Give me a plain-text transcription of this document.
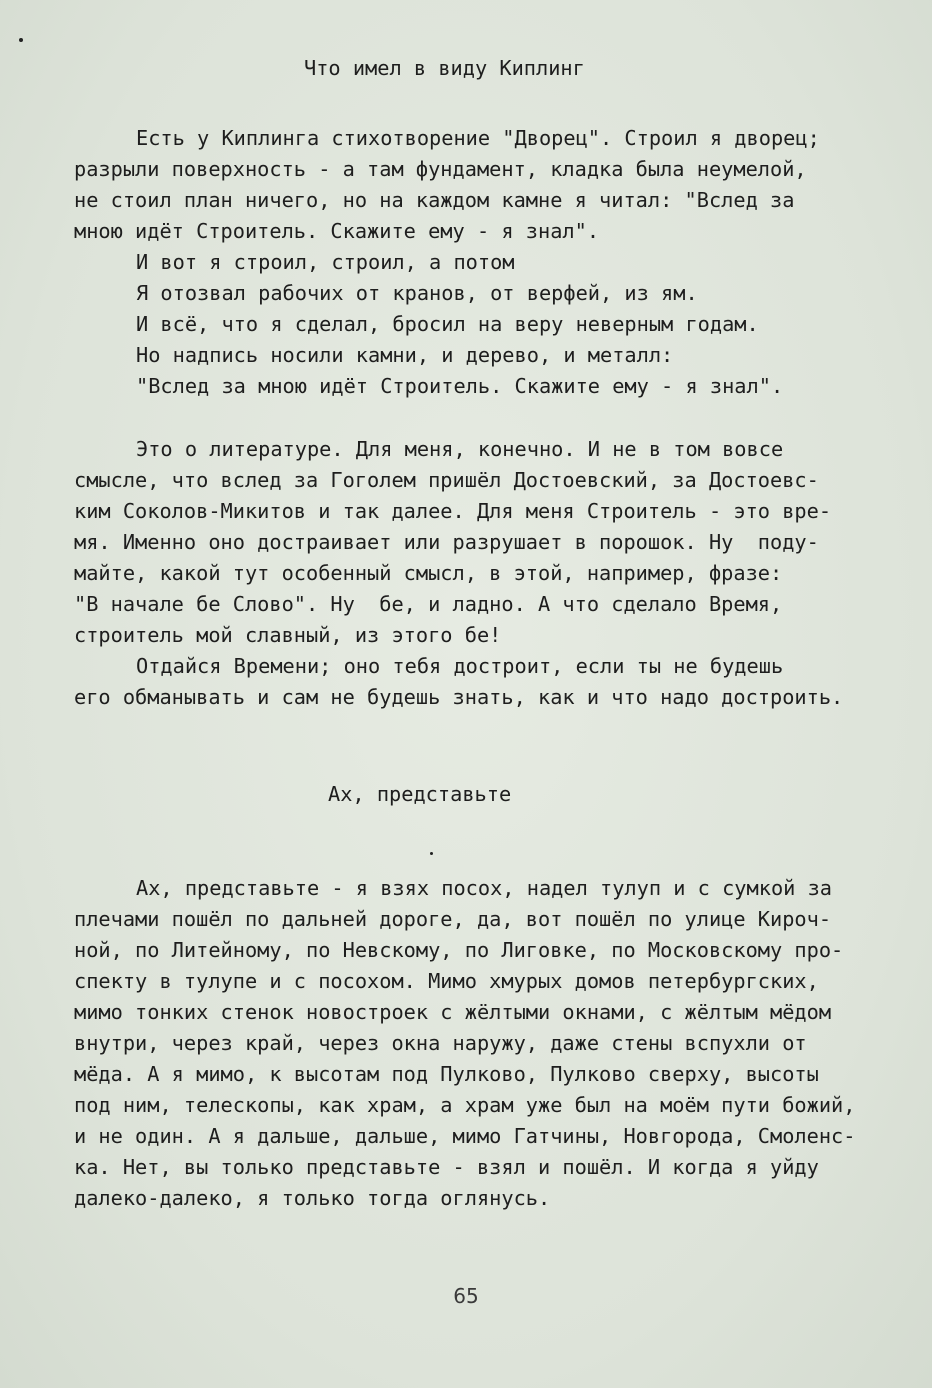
Что имел в виду Киплинг
Есть у Киплинга стихотворение "Дворец". Строил я дворец;
разрыли поверхность - а там фундамент, кладка была неумелой,
не стоил план ничего, но на каждом камне я читал: "Вслед за
мною идёт Строитель. Скажите ему - я знал".
И вот я строил, строил, а потом
Я отозвал рабочих от кранов, от верфей, из ям.
И всё, что я сделал, бросил на веру неверным годам.
Но надпись носили камни, и дерево, и металл:
"Вслед за мною идёт Строитель. Скажите ему - я знал".
Это о литературе. Для меня, конечно. И не в том вовсе
смысле, что вслед за Гоголем пришёл Достоевский, за Достоевс-
ким Соколов-Микитов и так далее. Для меня Строитель - это вре-
мя. Именно оно достраивает или разрушает в порошок. Ну  поду-
майте, какой тут особенный смысл, в этой, например, фразе:
"В начале бе Слово". Ну  бе, и ладно. А что сделало Время,
строитель мой славный, из этого бе!
Отдайся Времени; оно тебя достроит, если ты не будешь
его обманывать и сам не будешь знать, как и что надо достроить.
Ах, представьте
Ах, представьте - я взях посох, надел тулуп и с сумкой за
плечами пошёл по дальней дороге, да, вот пошёл по улице Кироч-
ной, по Литейному, по Невскому, по Лиговке, по Московскому про-
спекту в тулупе и с посохом. Мимо хмурых домов петербургских,
мимо тонких стенок новостроек с жёлтыми окнами, с жёлтым мёдом
внутри, через край, через окна наружу, даже стены вспухли от
мёда. А я мимо, к высотам под Пулково, Пулково сверху, высоты
под ним, телескопы, как храм, а храм уже был на моём пути божий,
и не один. А я дальше, дальше, мимо Гатчины, Новгорода, Смоленс-
ка. Нет, вы только представьте - взял и пошёл. И когда я уйду
далеко-далеко, я только тогда оглянусь.
65
